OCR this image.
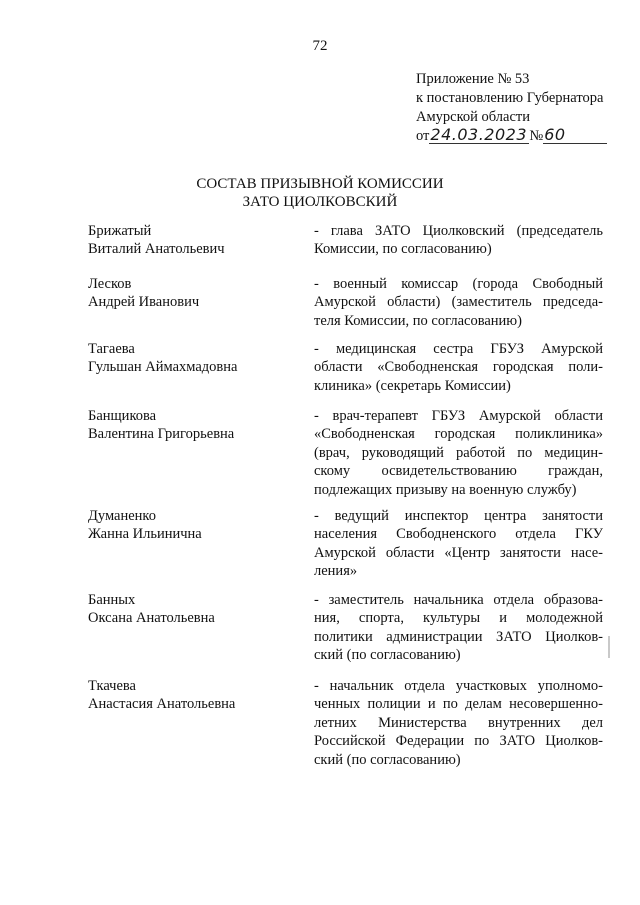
72
Приложение № 53
к постановлению Губернатора
Амурской области
от24.03.2023 №60
СОСТАВ ПРИЗЫВНОЙ КОМИССИИ
ЗАТО ЦИОЛКОВСКИЙ
Брижатый
Виталий Анатольевич
- глава ЗАТО Циолковский (председатель
Комиссии, по согласованию)
Лесков
Андрей Иванович
- военный комиссар (города Свободный
Амурской области) (заместитель председа-
теля Комиссии, по согласованию)
Тагаева
Гульшан Аймахмадовна
- медицинская сестра ГБУЗ Амурской
области «Свободненская городская поли-
клиника» (секретарь Комиссии)
Банщикова
Валентина Григорьевна
- врач-терапевт ГБУЗ Амурской области
«Свободненская городская поликлиника»
(врач, руководящий работой по медицин-
скому освидетельствованию граждан,
подлежащих призыву на военную службу)
Думаненко
Жанна Ильинична
- ведущий инспектор центра занятости
населения Свободненского отдела ГКУ
Амурской области «Центр занятости насе-
ления»
Банных
Оксана Анатольевна
- заместитель начальника отдела образова-
ния, спорта, культуры и молодежной
политики администрации ЗАТО Циолков-
ский (по согласованию)
Ткачева
Анастасия Анатольевна
- начальник отдела участковых уполномо-
ченных полиции и по делам несовершенно-
летних Министерства внутренних дел
Российской Федерации по ЗАТО Циолков-
ский (по согласованию)
